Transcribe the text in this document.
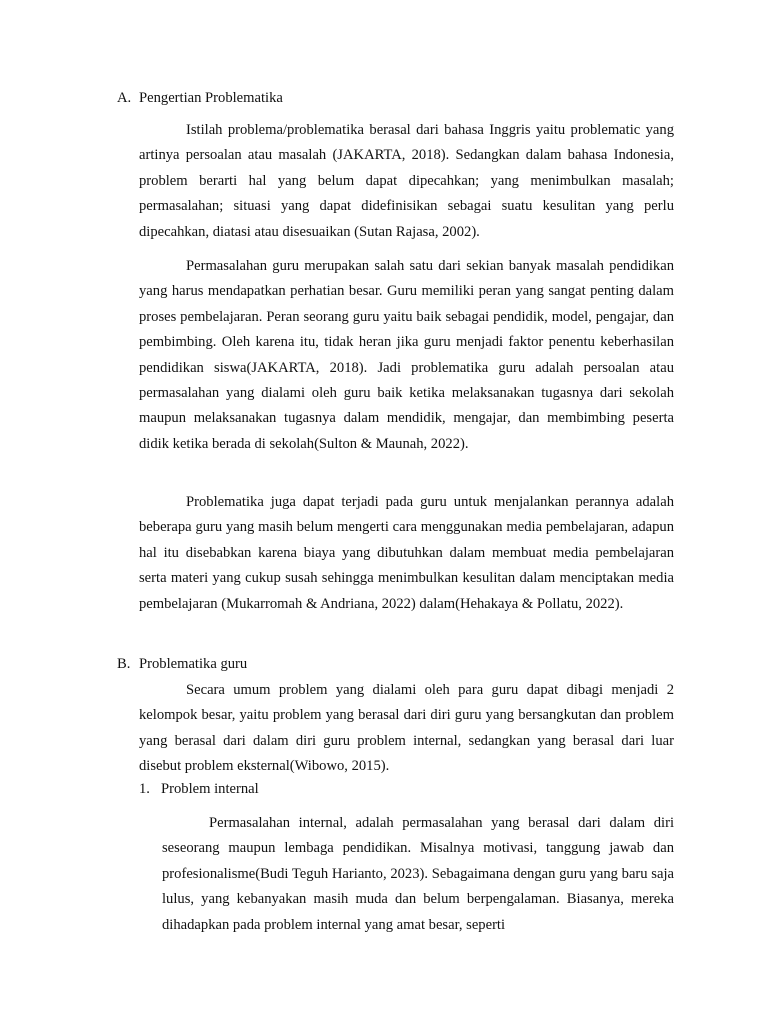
A. Pengertian Problematika

Istilah problema/problematika berasal dari bahasa Inggris yaitu problematic yang artinya persoalan atau masalah (JAKARTA, 2018). Sedangkan dalam bahasa Indonesia, problem berarti hal yang belum dapat dipecahkan; yang menimbulkan masalah; permasalahan; situasi yang dapat didefinisikan sebagai suatu kesulitan yang perlu dipecahkan, diatasi atau disesuaikan (Sutan Rajasa, 2002).

Permasalahan guru merupakan salah satu dari sekian banyak masalah pendidikan yang harus mendapatkan perhatian besar. Guru memiliki peran yang sangat penting dalam proses pembelajaran. Peran seorang guru yaitu baik sebagai pendidik, model, pengajar, dan pembimbing. Oleh karena itu, tidak heran jika guru menjadi faktor penentu keberhasilan pendidikan siswa(JAKARTA, 2018). Jadi problematika guru adalah persoalan atau permasalahan yang dialami oleh guru baik ketika melaksanakan tugasnya dari sekolah maupun melaksanakan tugasnya dalam mendidik, mengajar, dan membimbing peserta didik ketika berada di sekolah(Sulton & Maunah, 2022).

Problematika juga dapat terjadi pada guru untuk menjalankan perannya adalah beberapa guru yang masih belum mengerti cara menggunakan media pembelajaran, adapun hal itu disebabkan karena biaya yang dibutuhkan dalam membuat media pembelajaran serta materi yang cukup susah sehingga menimbulkan kesulitan dalam menciptakan media pembelajaran (Mukarromah & Andriana, 2022) dalam(Hehakaya & Pollatu, 2022).

B. Problematika guru

Secara umum problem yang dialami oleh para guru dapat dibagi menjadi 2 kelompok besar, yaitu problem yang berasal dari diri guru yang bersangkutan dan problem yang berasal dari dalam diri guru problem internal, sedangkan yang berasal dari luar disebut problem eksternal(Wibowo, 2015).

1. Problem internal

Permasalahan internal, adalah permasalahan yang berasal dari dalam diri seseorang maupun lembaga pendidikan. Misalnya motivasi, tanggung jawab dan profesionalisme(Budi Teguh Harianto, 2023). Sebagaimana dengan guru yang baru saja lulus, yang kebanyakan masih muda dan belum berpengalaman. Biasanya, mereka dihadapkan pada problem internal yang amat besar, seperti
